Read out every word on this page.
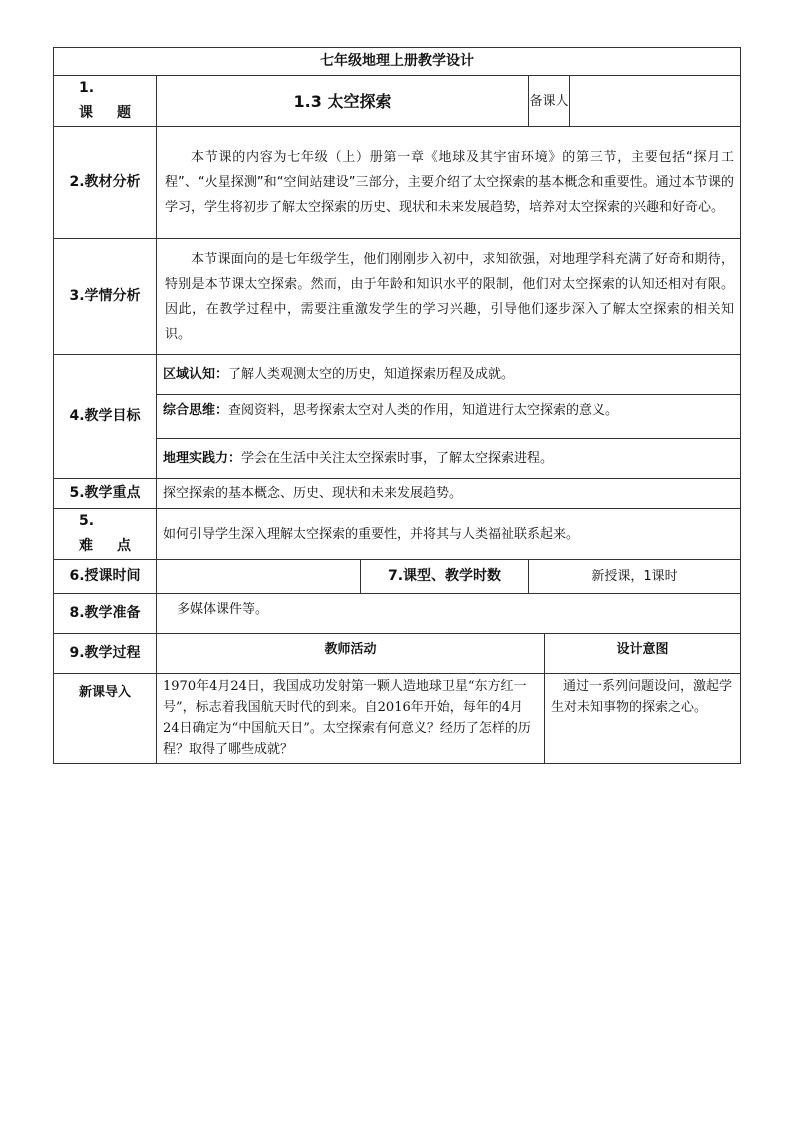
七年级地理上册教学设计					
1.课 题	1.3 太空探索		备课人		
2.教材分析	本节课的内容为七年级（上）册第一章《地球及其宇宙环境》的第三节，主要包括“探月工程”、“火星探测”和“空间站建设”三部分，主要介绍了太空探索的基本概念和重要性。通过本节课的学习，学生将初步了解太空探索的历史、现状和未来发展趋势，培养对太空探索的兴趣和好奇心。				
3.学情分析	本节课面向的是七年级学生，他们刚刚步入初中，求知欲强，对地理学科充满了好奇和期待，特别是本节课太空探索。然而，由于年龄和知识水平的限制，他们对太空探索的认知还相对有限。因此，在教学过程中，需要注重激发学生的学习兴趣，引导他们逐步深入了解太空探索的相关知识。				
4.教学目标	区域认知：了解人类观测太空的历史，知道探索历程及成就。				
	综合思维：查阅资料，思考探索太空对人类的作用，知道进行太空探索的意义。				
	地理实践力：学会在生活中关注太空探索时事，了解太空探索进程。				
5.教学重点	探空探索的基本概念、历史、现状和未来发展趋势。				
5.难 点	如何引导学生深入理解太空探索的重要性，并将其与人类福祉联系起来。				
6.授课时间		7.课型、教学时数	新授课，1课时		
8.教学准备	多媒体课件等。				
9.教学过程	教师活动			设计意图	
新课导入	1970年4月24日，我国成功发射第一颗人造地球卫星“东方红一号”，标志着我国航天时代的到来。自2016年开始，每年的4月24日确定为“中国航天日”。太空探索有何意义？经历了怎样的历程？取得了哪些成就？			通过一系列问题设问，激起学生对未知事物的探索之心。	
